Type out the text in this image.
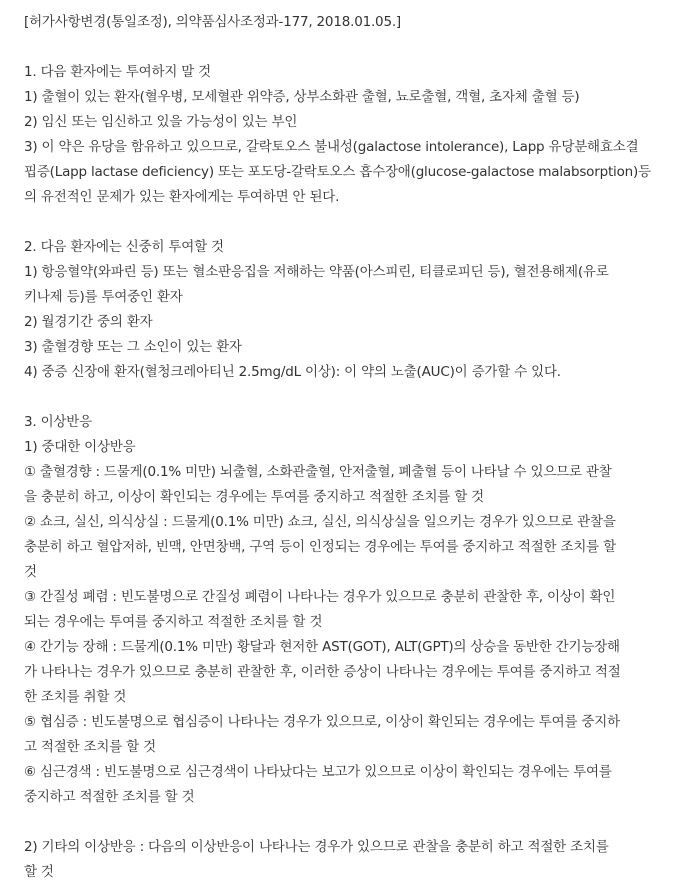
[허가사항변경(통일조정), 의약품심사조정과-177, 2018.01.05.]
1. 다음 환자에는 투여하지 말 것
1) 출혈이 있는 환자(혈우병, 모세혈관 위약증, 상부소화관 출혈, 뇨로출혈, 객혈, 초자체 출혈 등)
2) 임신 또는 임신하고 있을 가능성이 있는 부인
3) 이 약은 유당을 함유하고 있으므로, 갈락토오스 불내성(galactose intolerance), Lapp 유당분해효소결
핍증(Lapp lactase deficiency) 또는 포도당-갈락토오스 흡수장애(glucose-galactose malabsorption)등
의 유전적인 문제가 있는 환자에게는 투여하면 안 된다.
2. 다음 환자에는 신중히 투여할 것
1) 항응혈약(와파린 등) 또는 혈소판응집을 저해하는 약품(아스피린, 티클로피딘 등), 혈전용해제(유로
키나제 등)를 투여중인 환자
2) 월경기간 중의 환자
3) 출혈경향 또는 그 소인이 있는 환자
4) 중증 신장애 환자(혈청크레아티닌 2.5mg/dL 이상): 이 약의 노출(AUC)이 증가할 수 있다.
3. 이상반응
1) 중대한 이상반응
① 출혈경향 : 드물게(0.1% 미만) 뇌출혈, 소화관출혈, 안저출혈, 폐출혈 등이 나타날 수 있으므로 관찰
을 충분히 하고, 이상이 확인되는 경우에는 투여를 중지하고 적절한 조치를 할 것
② 쇼크, 실신, 의식상실 : 드물게(0.1% 미만) 쇼크, 실신, 의식상실을 일으키는 경우가 있으므로 관찰을
충분히 하고 혈압저하, 빈맥, 안면창백, 구역 등이 인정되는 경우에는 투여를 중지하고 적절한 조치를 할
것
③ 간질성 폐렴 : 빈도불명으로 간질성 폐렴이 나타나는 경우가 있으므로 충분히 관찰한 후, 이상이 확인
되는 경우에는 투여를 중지하고 적절한 조치를 할 것
④ 간기능 장해 : 드물게(0.1% 미만) 황달과 현저한 AST(GOT), ALT(GPT)의 상승을 동반한 간기능장해
가 나타나는 경우가 있으므로 충분히 관찰한 후, 이러한 증상이 나타나는 경우에는 투여를 중지하고 적절
한 조치를 취할 것
⑤ 협심증 : 빈도불명으로 협심증이 나타나는 경우가 있으므로, 이상이 확인되는 경우에는 투여를 중지하
고 적절한 조치를 할 것
⑥ 심근경색 : 빈도불명으로 심근경색이 나타났다는 보고가 있으므로 이상이 확인되는 경우에는 투여를
중지하고 적절한 조치를 할 것
2) 기타의 이상반응 : 다음의 이상반응이 나타나는 경우가 있으므로 관찰을 충분히 하고 적절한 조치를
할 것
